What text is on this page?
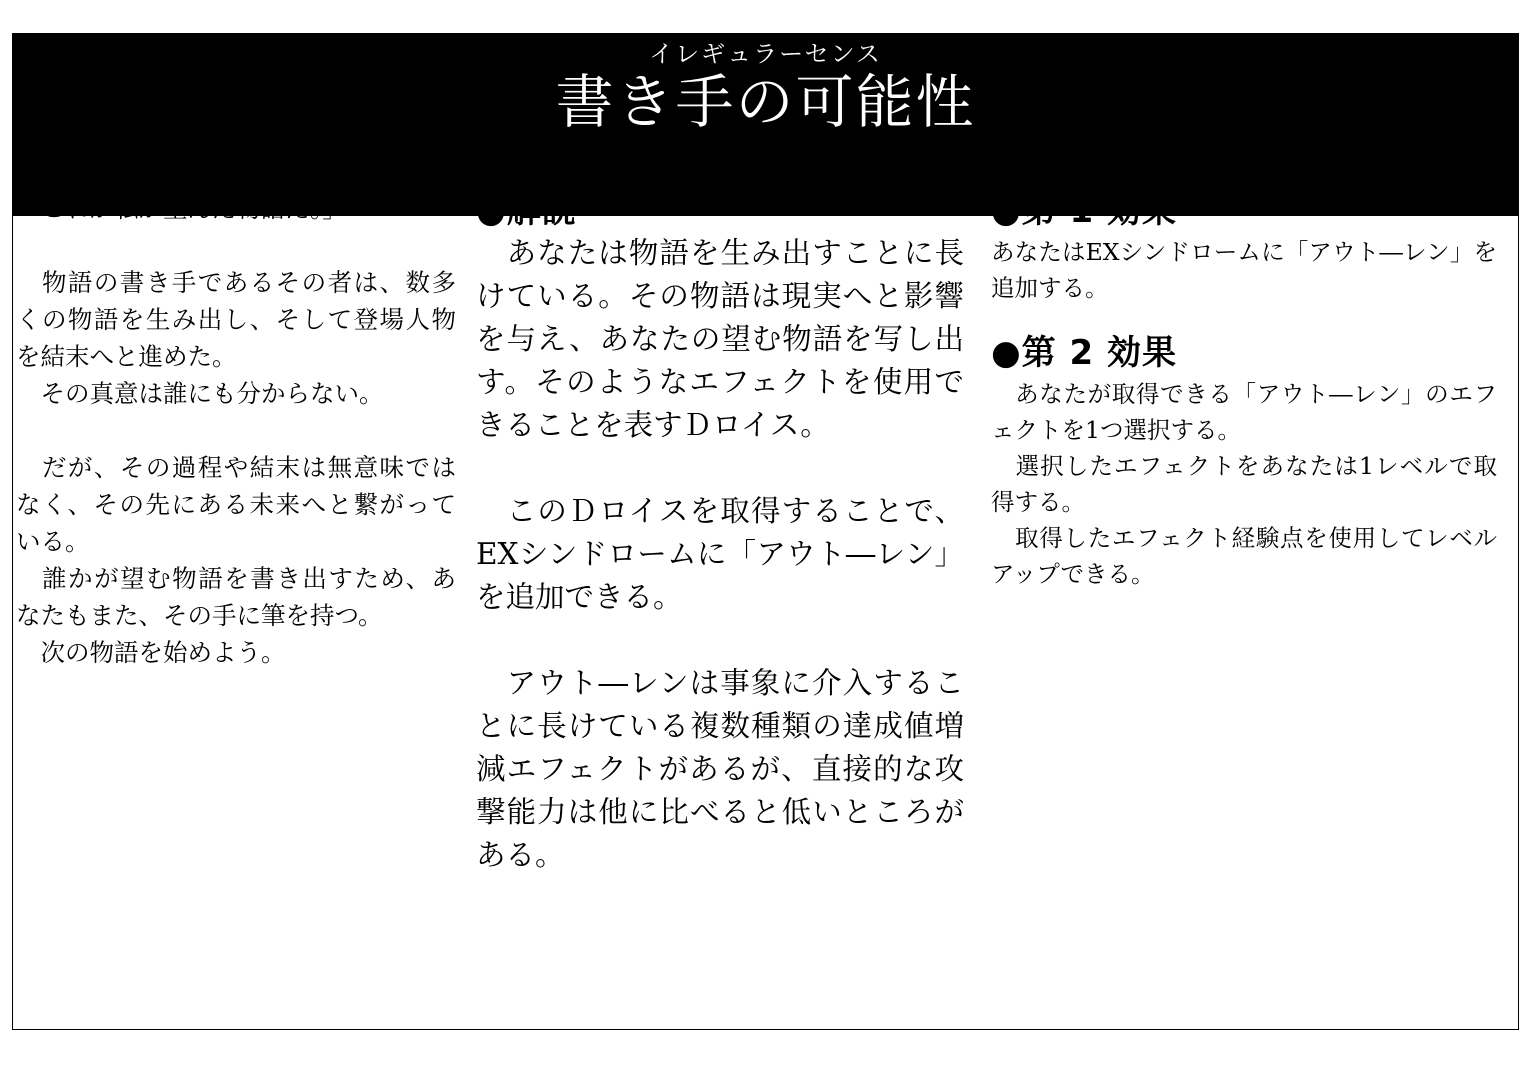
イレギュラーセンス
書き手の可能性

「これが私が望んだ物語だ。」

　物語の書き手であるその者は、数多くの物語を生み出し、そして登場人物を結末へと進めた。
　その真意は誰にも分からない。

　だが、その過程や結末は無意味ではなく、その先にある未来へと繋がっている。
　誰かが望む物語を書き出すため、あなたもまた、その手に筆を持つ。
　次の物語を始めよう。

●解説

　あなたは物語を生み出すことに長けている。その物語は現実へと影響を与え、あなたの望む物語を写し出す。そのようなエフェクトを使用できることを表すＤロイス。

　このＤロイスを取得することで、EXシンドロームに「アウト―レン」を追加できる。

　アウト―レンは事象に介入することに長けている複数種類の達成値増減エフェクトがあるが、直接的な攻撃能力は他に比べると低いところがある。

●第 1 効果

あなたはEXシンドロームに「アウト―レン」を追加する。

●第 2 効果

　あなたが取得できる「アウト―レン」のエフェクトを1つ選択する。
　選択したエフェクトをあなたは1レベルで取得する。
　取得したエフェクト経験点を使用してレベルアップできる。
